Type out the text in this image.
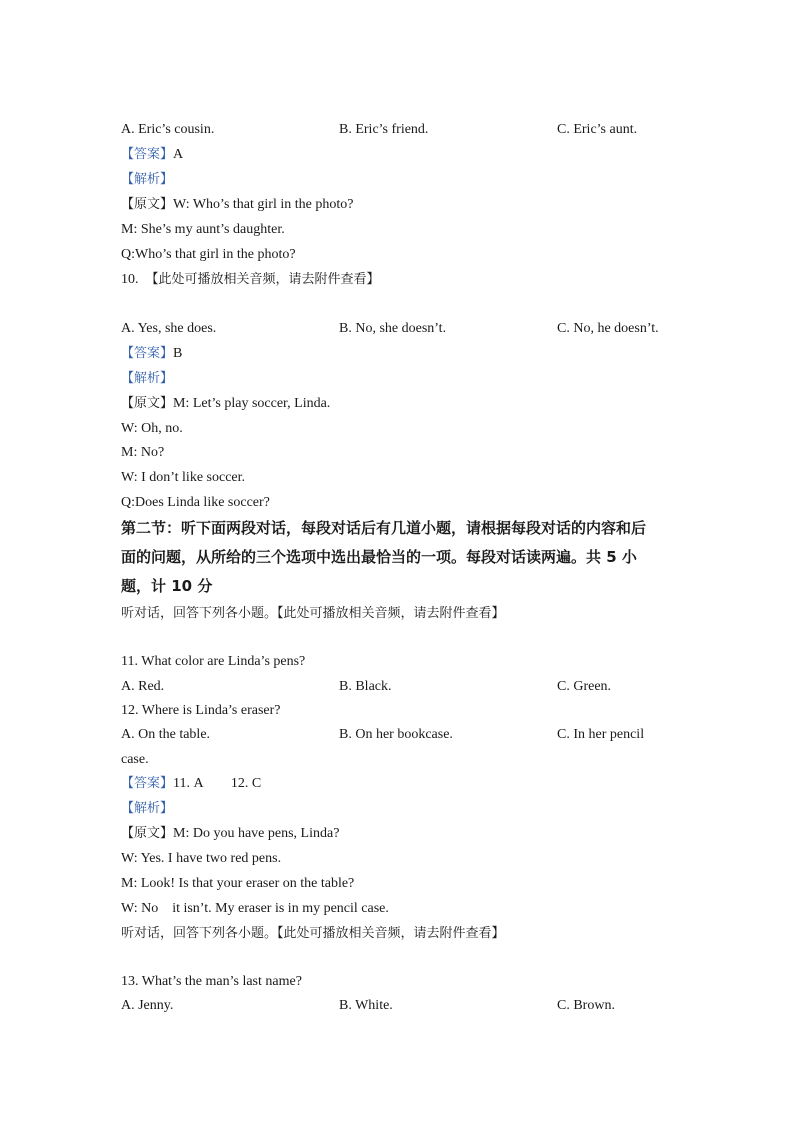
A. Eric’s cousin.	B. Eric’s friend.	C. Eric’s aunt.
【答案】A
【解析】
【原文】W: Who’s that girl in the photo?
M: She’s my aunt’s daughter.
Q:Who’s that girl in the photo?
10. 【此处可播放相关音频，请去附件查看】
A. Yes, she does.	B. No, she doesn’t.	C. No, he doesn’t.
【答案】B
【解析】
【原文】M: Let’s play soccer, Linda.
W: Oh, no.
M: No?
W: I don’t like soccer.
Q:Does Linda like soccer?
第二节：听下面两段对话，每段对话后有几道小题，请根据每段对话的内容和后
面的问题，从所给的三个选项中选出最恰当的一项。每段对话读两遍。共 5 小
题，计 10 分
听对话，回答下列各小题。【此处可播放相关音频，请去附件查看】
11. What color are Linda’s pens?
A. Red.	B. Black.	C. Green.
12. Where is Linda’s eraser?
A. On the table.	B. On her bookcase.	C. In her pencil
case.
【答案】11. A        12. C
【解析】
【原文】M: Do you have pens, Linda?
W: Yes. I have two red pens.
M: Look! Is that your eraser on the table?
W: No    it isn’t. My eraser is in my pencil case.
听对话，回答下列各小题。【此处可播放相关音频，请去附件查看】
13. What’s the man’s last name?
A. Jenny.	B. White.	C. Brown.
